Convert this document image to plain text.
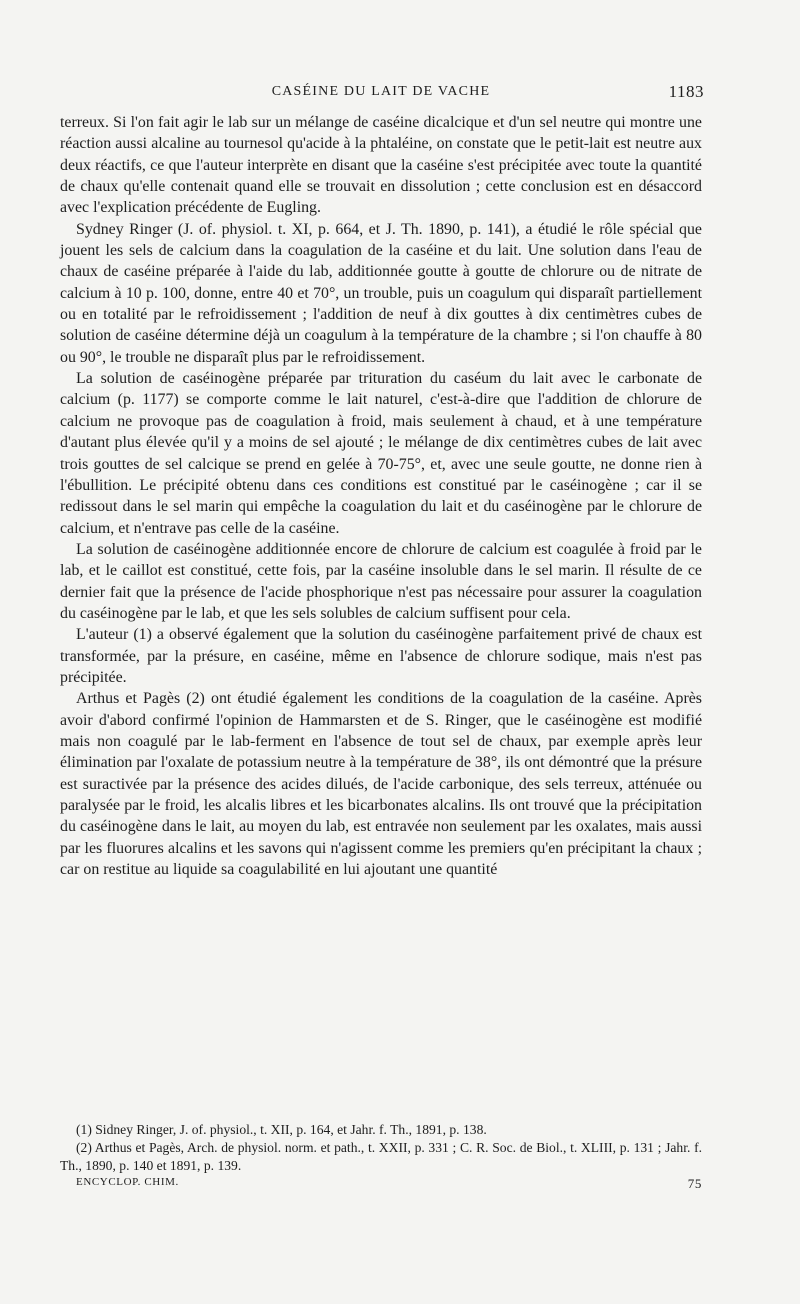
CASÉINE DU LAIT DE VACHE	1183

terreux. Si l'on fait agir le lab sur un mélange de caséine dicalcique et d'un sel neutre qui montre une réaction aussi alcaline au tournesol qu'acide à la phtaléine, on constate que le petit-lait est neutre aux deux réactifs, ce que l'auteur interprète en disant que la caséine s'est précipitée avec toute la quantité de chaux qu'elle contenait quand elle se trouvait en dissolution ; cette conclusion est en désaccord avec l'explication précédente de Eugling.

Sydney Ringer (J. of. physiol. t. XI, p. 664, et J. Th. 1890, p. 141), a étudié le rôle spécial que jouent les sels de calcium dans la coagulation de la caséine et du lait. Une solution dans l'eau de chaux de caséine préparée à l'aide du lab, additionnée goutte à goutte de chlorure ou de nitrate de calcium à 10 p. 100, donne, entre 40 et 70°, un trouble, puis un coagulum qui disparaît partiellement ou en totalité par le refroidissement ; l'addition de neuf à dix gouttes à dix centimètres cubes de solution de caséine détermine déjà un coagulum à la température de la chambre ; si l'on chauffe à 80 ou 90°, le trouble ne disparaît plus par le refroidissement.

La solution de caséinogène préparée par trituration du caséum du lait avec le carbonate de calcium (p. 1177) se comporte comme le lait naturel, c'est-à-dire que l'addition de chlorure de calcium ne provoque pas de coagulation à froid, mais seulement à chaud, et à une température d'autant plus élevée qu'il y a moins de sel ajouté ; le mélange de dix centimètres cubes de lait avec trois gouttes de sel calcique se prend en gelée à 70-75°, et, avec une seule goutte, ne donne rien à l'ébullition. Le précipité obtenu dans ces conditions est constitué par le caséinogène ; car il se redissout dans le sel marin qui empêche la coagulation du lait et du caséinogène par le chlorure de calcium, et n'entrave pas celle de la caséine.

La solution de caséinogène additionnée encore de chlorure de calcium est coagulée à froid par le lab, et le caillot est constitué, cette fois, par la caséine insoluble dans le sel marin. Il résulte de ce dernier fait que la présence de l'acide phosphorique n'est pas nécessaire pour assurer la coagulation du caséinogène par le lab, et que les sels solubles de calcium suffisent pour cela.

L'auteur (1) a observé également que la solution du caséinogène parfaitement privé de chaux est transformée, par la présure, en caséine, même en l'absence de chlorure sodique, mais n'est pas précipitée.

Arthus et Pagès (2) ont étudié également les conditions de la coagulation de la caséine. Après avoir d'abord confirmé l'opinion de Hammarsten et de S. Ringer, que le caséinogène est modifié mais non coagulé par le lab-ferment en l'absence de tout sel de chaux, par exemple après leur élimination par l'oxalate de potassium neutre à la température de 38°, ils ont démontré que la présure est suractivée par la présence des acides dilués, de l'acide carbonique, des sels terreux, atténuée ou paralysée par le froid, les alcalis libres et les bicarbonates alcalins. Ils ont trouvé que la précipitation du caséinogène dans le lait, au moyen du lab, est entravée non seulement par les oxalates, mais aussi par les fluorures alcalins et les savons qui n'agissent comme les premiers qu'en précipitant la chaux ; car on restitue au liquide sa coagulabilité en lui ajoutant une quantité

(1) Sidney Ringer, J. of. physiol., t. XII, p. 164, et Jahr. f. Th., 1891, p. 138.

(2) Arthus et Pagès, Arch. de physiol. norm. et path., t. XXII, p. 331 ; C. R. Soc. de Biol., t. XLIII, p. 131 ; Jahr. f. Th., 1890, p. 140 et 1891, p. 139.

ENCYCLOP. CHIM.	75
